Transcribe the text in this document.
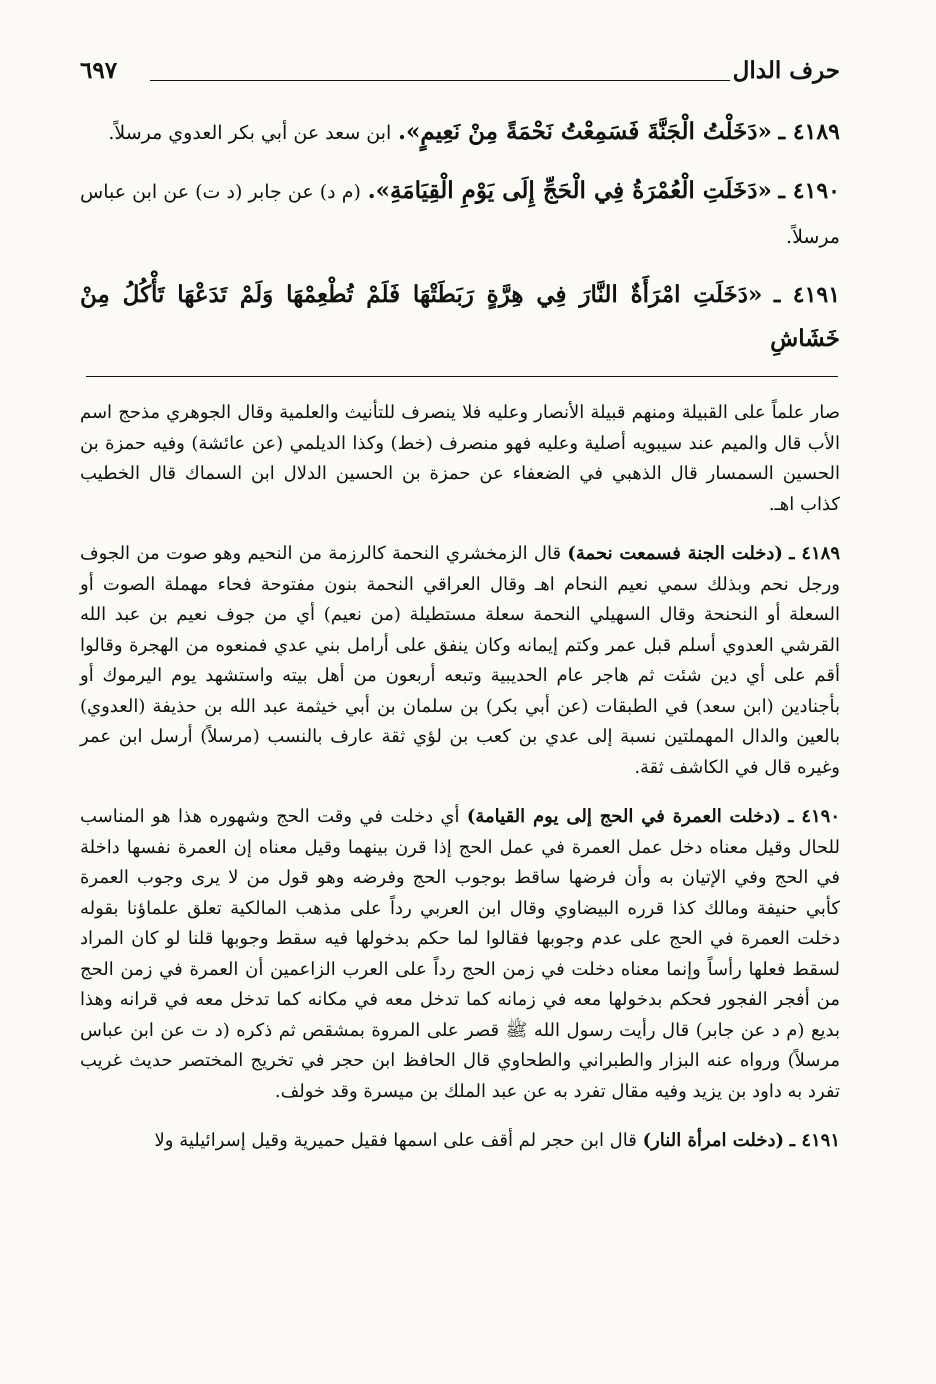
حرف الدال
٦٩٧

٤١٨٩ ـ «دَخَلْتُ الْجَنَّةَ فَسَمِعْتُ نَحْمَةً مِنْ نَعِيمٍ». ابن سعد عن أبي بكر العدوي مرسلاً.

٤١٩٠ ـ «دَخَلَتِ الْعُمْرَةُ فِي الْحَجِّ إِلَى يَوْمِ الْقِيَامَةِ». (م د) عن جابر (د ت) عن ابن عباس مرسلاً.

٤١٩١ ـ «دَخَلَتِ امْرَأَةٌ النَّارَ فِي هِرَّةٍ رَبَطَتْهَا فَلَمْ تُطْعِمْهَا وَلَمْ تَدَعْهَا تَأْكُلُ مِنْ خَشَاشِ

صار علماً على القبيلة ومنهم قبيلة الأنصار وعليه فلا ينصرف للتأنيث والعلمية وقال الجوهري مذحج اسم الأب قال والميم عند سيبويه أصلية وعليه فهو منصرف (خط) وكذا الديلمي (عن عائشة) وفيه حمزة بن الحسين السمسار قال الذهبي في الضعفاء عن حمزة بن الحسين الدلال ابن السماك قال الخطيب كذاب اهـ.

٤١٨٩ ـ (دخلت الجنة فسمعت نحمة) قال الزمخشري النحمة كالرزمة من النحيم وهو صوت من الجوف ورجل نحم وبذلك سمي نعيم النحام اهـ وقال العراقي النحمة بنون مفتوحة فحاء مهملة الصوت أو السعلة أو النحنحة وقال السهيلي النحمة سعلة مستطيلة (من نعيم) أي من جوف نعيم بن عبد الله القرشي العدوي أسلم قبل عمر وكتم إيمانه وكان ينفق على أرامل بني عدي فمنعوه من الهجرة وقالوا أقم على أي دين شئت ثم هاجر عام الحديبية وتبعه أربعون من أهل بيته واستشهد يوم اليرموك أو بأجنادين (ابن سعد) في الطبقات (عن أبي بكر) بن سلمان بن أبي خيثمة عبد الله بن حذيفة (العدوي) بالعين والدال المهملتين نسبة إلى عدي بن كعب بن لؤي ثقة عارف بالنسب (مرسلاً) أرسل ابن عمر وغيره قال في الكاشف ثقة.

٤١٩٠ ـ (دخلت العمرة في الحج إلى يوم القيامة) أي دخلت في وقت الحج وشهوره هذا هو المناسب للحال وقيل معناه دخل عمل العمرة في عمل الحج إذا قرن بينهما وقيل معناه إن العمرة نفسها داخلة في الحج وفي الإتيان به وأن فرضها ساقط بوجوب الحج وفرضه وهو قول من لا يرى وجوب العمرة كأبي حنيفة ومالك كذا قرره البيضاوي وقال ابن العربي رداً على مذهب المالكية تعلق علماؤنا بقوله دخلت العمرة في الحج على عدم وجوبها فقالوا لما حكم بدخولها فيه سقط وجوبها قلنا لو كان المراد لسقط فعلها رأساً وإنما معناه دخلت في زمن الحج رداً على العرب الزاعمين أن العمرة في زمن الحج من أفجر الفجور فحكم بدخولها معه في زمانه كما تدخل معه في مكانه كما تدخل معه في قرانه وهذا بديع (م د عن جابر) قال رأيت رسول الله ﷺ قصر على المروة بمشقص ثم ذكره (د ت عن ابن عباس مرسلاً) ورواه عنه البزار والطبراني والطحاوي قال الحافظ ابن حجر في تخريج المختصر حديث غريب تفرد به داود بن يزيد وفيه مقال تفرد به عن عبد الملك بن ميسرة وقد خولف.

٤١٩١ ـ (دخلت امرأة النار) قال ابن حجر لم أقف على اسمها فقيل حميرية وقيل إسرائيلية ولا
